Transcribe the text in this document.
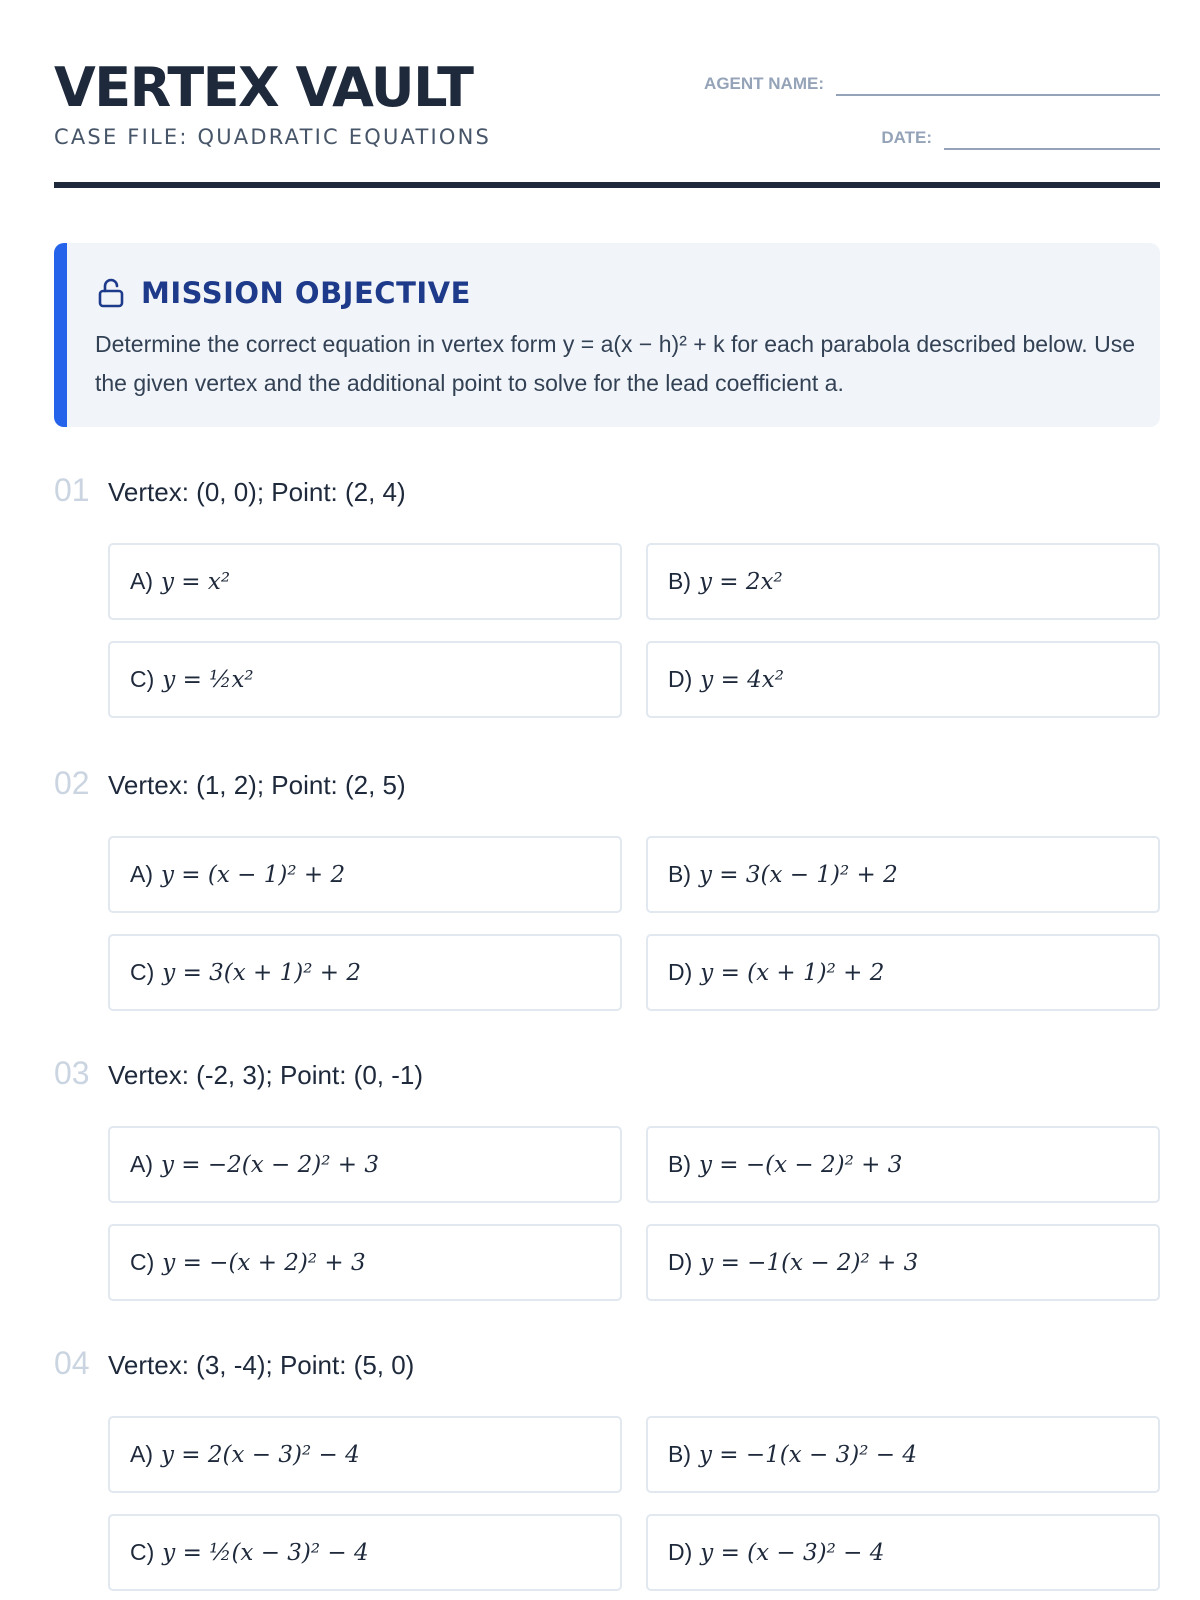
VERTEX VAULT
CASE FILE: QUADRATIC EQUATIONS
AGENT NAME:
DATE:
MISSION OBJECTIVE
Determine the correct equation in vertex form y = a(x − h)² + k for each parabola described below. Use the given vertex and the additional point to solve for the lead coefficient a.
01 Vertex: (0, 0); Point: (2, 4)
A) y = x²	B) y = 2x²
C) y = ½x²	D) y = 4x²
02 Vertex: (1, 2); Point: (2, 5)
A) y = (x − 1)² + 2	B) y = 3(x − 1)² + 2
C) y = 3(x + 1)² + 2	D) y = (x + 1)² + 2
03 Vertex: (-2, 3); Point: (0, -1)
A) y = −2(x − 2)² + 3	B) y = −(x − 2)² + 3
C) y = −(x + 2)² + 3	D) y = −1(x − 2)² + 3
04 Vertex: (3, -4); Point: (5, 0)
A) y = 2(x − 3)² − 4	B) y = −1(x − 3)² − 4
C) y = ½(x − 3)² − 4	D) y = (x − 3)² − 4
